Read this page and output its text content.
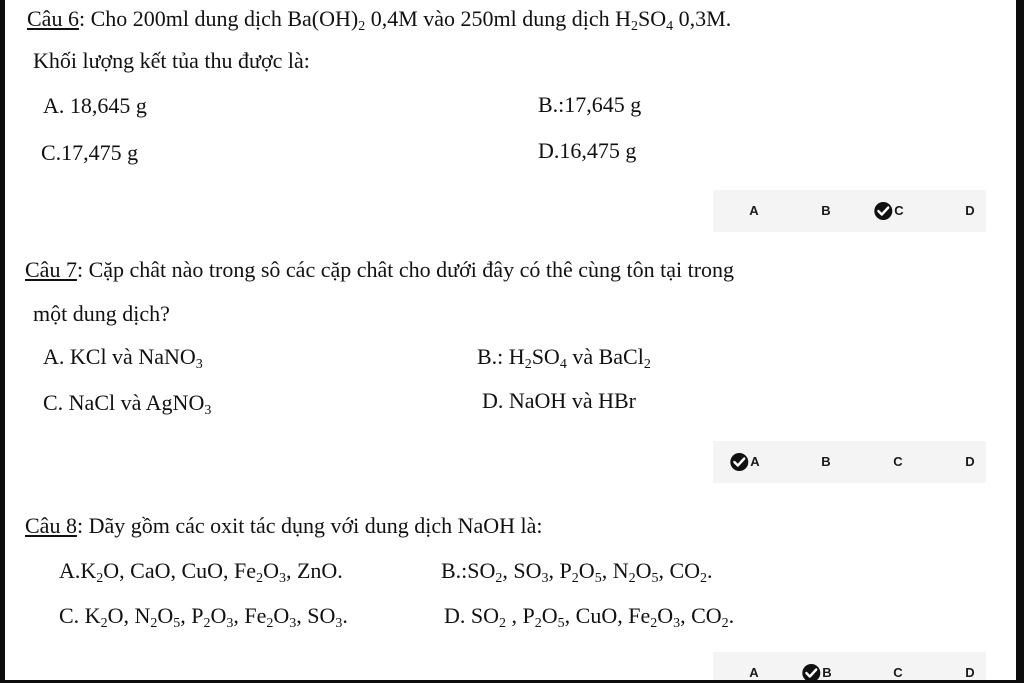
Câu 6: Cho 200ml dung dịch $Ba(OH)_2$ 0,4M vào 250ml dung dịch $H_2SO_4$ 0,3M.
Khối lượng kết tủa thu được là:
A. 18,645 g	B.:17,645 g
C.17,475 g	D.16,475 g
A	B	C	D
Câu 7: Cặp chât nào trong sô các cặp chât cho dưới đây có thê cùng tôn tại trong
một dung dịch?
A. KCl và NaNO$_3$	B.: $H_2SO_4$ và BaCl$_2$
C. NaCl và AgNO$_3$	D. NaOH và HBr
A	B	C	D
Câu 8: Dãy gồm các oxit tác dụng với dung dịch NaOH là:
$A.K_2O$, CaO, CuO, $Fe_2O_3$, ZnO.	$B.:SO_2$, $SO_3$, $P_2O_5$, $N_2O_5$, $CO_2$.
C. $K_2O$, $N_2O_5$, $P_2O_3$, $Fe_2O_3$, $SO_3$.	D. $SO_2$ , $P_2O_5$, CuO, $Fe_2O_3$, $CO_2$.
A	B	C	D
